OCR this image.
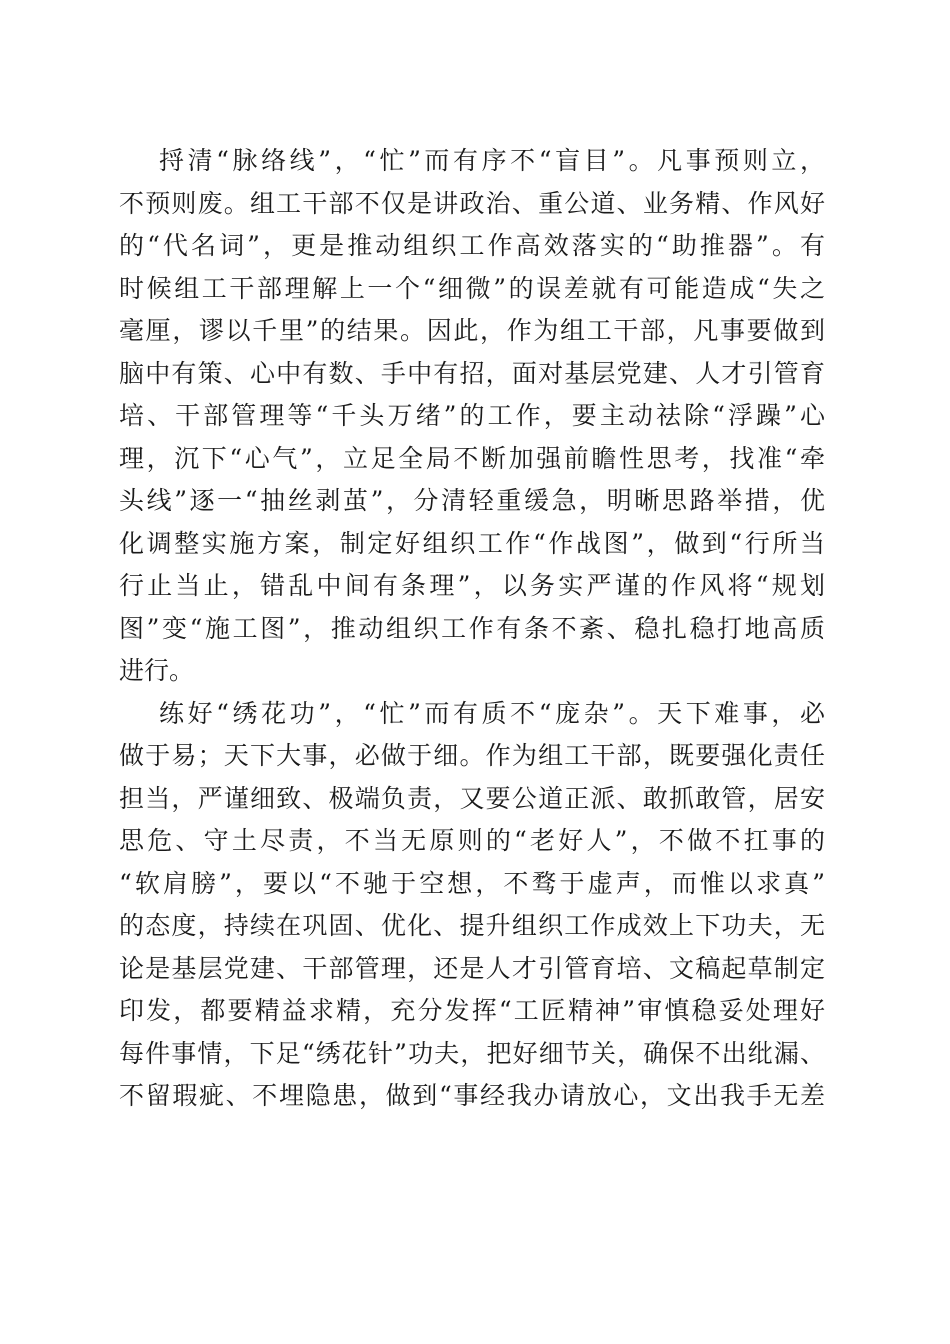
捋清“脉络线”，“忙”而有序不“盲目”。凡事预则立，
不预则废。组工干部不仅是讲政治、重公道、业务精、作风好
的“代名词”，更是推动组织工作高效落实的“助推器”。有
时候组工干部理解上一个“细微”的误差就有可能造成“失之
毫厘，谬以千里”的结果。因此，作为组工干部，凡事要做到
脑中有策、心中有数、手中有招，面对基层党建、人才引管育
培、干部管理等“千头万绪”的工作，要主动祛除“浮躁”心
理，沉下“心气”，立足全局不断加强前瞻性思考，找准“牵
头线”逐一“抽丝剥茧”，分清轻重缓急，明晰思路举措，优
化调整实施方案，制定好组织工作“作战图”，做到“行所当
行止当止，错乱中间有条理”，以务实严谨的作风将“规划
图”变“施工图”，推动组织工作有条不紊、稳扎稳打地高质
进行。
练好“绣花功”，“忙”而有质不“庞杂”。天下难事，必
做于易；天下大事，必做于细。作为组工干部，既要强化责任
担当，严谨细致、极端负责，又要公道正派、敢抓敢管，居安
思危、守土尽责，不当无原则的“老好人”，不做不扛事的
“软肩膀”，要以“不驰于空想，不骛于虚声，而惟以求真”
的态度，持续在巩固、优化、提升组织工作成效上下功夫，无
论是基层党建、干部管理，还是人才引管育培、文稿起草制定
印发，都要精益求精，充分发挥“工匠精神”审慎稳妥处理好
每件事情，下足“绣花针”功夫，把好细节关，确保不出纰漏、
不留瑕疵、不埋隐患，做到“事经我办请放心，文出我手无差
